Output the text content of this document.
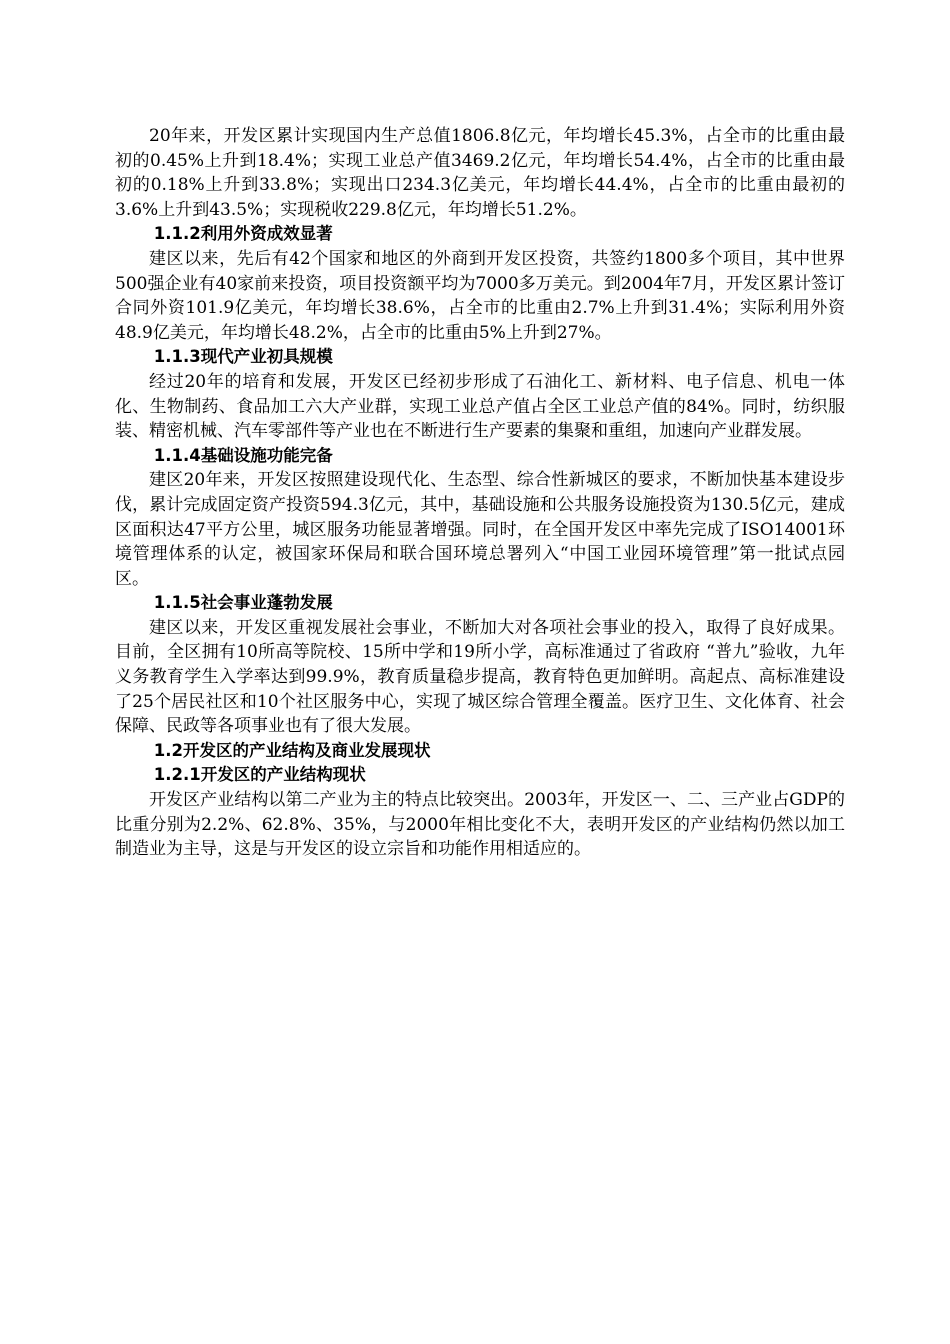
20年来，开发区累计实现国内生产总值1806.8亿元，年均增长45.3%，占全市的比重由最初的0.45%上升到18.4%；实现工业总产值3469.2亿元，年均增长54.4%，占全市的比重由最初的0.18%上升到33.8%；实现出口234.3亿美元，年均增长44.4%，占全市的比重由最初的3.6%上升到43.5%；实现税收229.8亿元，年均增长51.2%。

1.1.2利用外资成效显著

建区以来，先后有42个国家和地区的外商到开发区投资，共签约1800多个项目，其中世界500强企业有40家前来投资，项目投资额平均为7000多万美元。到2004年7月，开发区累计签订合同外资101.9亿美元，年均增长38.6%，占全市的比重由2.7%上升到31.4%；实际利用外资48.9亿美元，年均增长48.2%，占全市的比重由5%上升到27%。

1.1.3现代产业初具规模

经过20年的培育和发展，开发区已经初步形成了石油化工、新材料、电子信息、机电一体化、生物制药、食品加工六大产业群，实现工业总产值占全区工业总产值的84%。同时，纺织服装、精密机械、汽车零部件等产业也在不断进行生产要素的集聚和重组，加速向产业群发展。

1.1.4基础设施功能完备

建区20年来，开发区按照建设现代化、生态型、综合性新城区的要求，不断加快基本建设步伐，累计完成固定资产投资594.3亿元，其中，基础设施和公共服务设施投资为130.5亿元，建成区面积达47平方公里，城区服务功能显著增强。同时，在全国开发区中率先完成了ISO14001环境管理体系的认定，被国家环保局和联合国环境总署列入“中国工业园环境管理”第一批试点园区。

1.1.5社会事业蓬勃发展

建区以来，开发区重视发展社会事业，不断加大对各项社会事业的投入，取得了良好成果。目前，全区拥有10所高等院校、15所中学和19所小学，高标准通过了省政府 “普九”验收，九年义务教育学生入学率达到99.9%，教育质量稳步提高，教育特色更加鲜明。高起点、高标准建设了25个居民社区和10个社区服务中心，实现了城区综合管理全覆盖。医疗卫生、文化体育、社会保障、民政等各项事业也有了很大发展。

1.2开发区的产业结构及商业发展现状

1.2.1开发区的产业结构现状

开发区产业结构以第二产业为主的特点比较突出。2003年，开发区一、二、三产业占GDP的比重分别为2.2%、62.8%、35%，与2000年相比变化不大，表明开发区的产业结构仍然以加工制造业为主导，这是与开发区的设立宗旨和功能作用相适应的。
